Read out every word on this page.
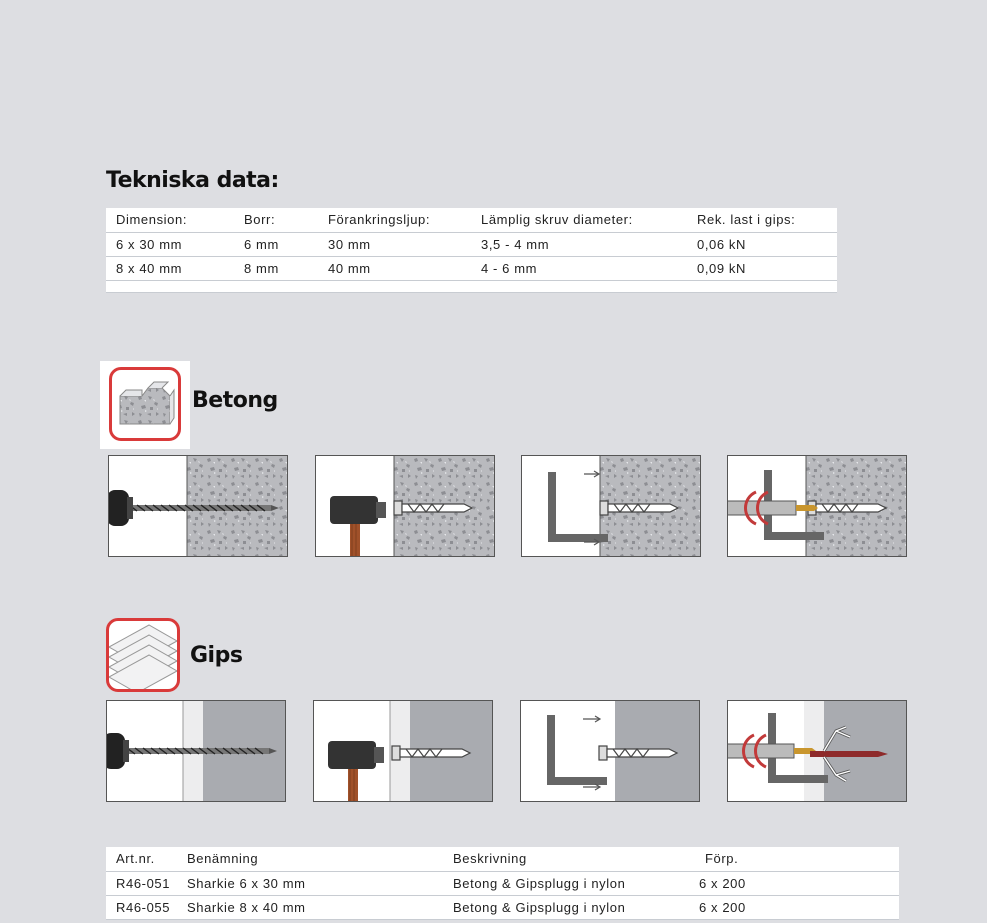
Tekniska data:
Dimension:	Borr:	Förankringsljup:	Lämplig skruv diameter:	Rek. last i gips:
6 x 30 mm	6 mm	30 mm	3,5 - 4 mm	0,06 kN
8 x 40 mm	8 mm	40 mm	4 - 6 mm	0,09 kN

Betong
Gips
Art.nr.	Benämning	Beskrivning	Förp.
R46-051	Sharkie 6 x 30 mm	Betong & Gipsplugg i nylon	6 x 200
R46-055	Sharkie 8 x 40 mm	Betong & Gipsplugg i nylon	6 x 200
